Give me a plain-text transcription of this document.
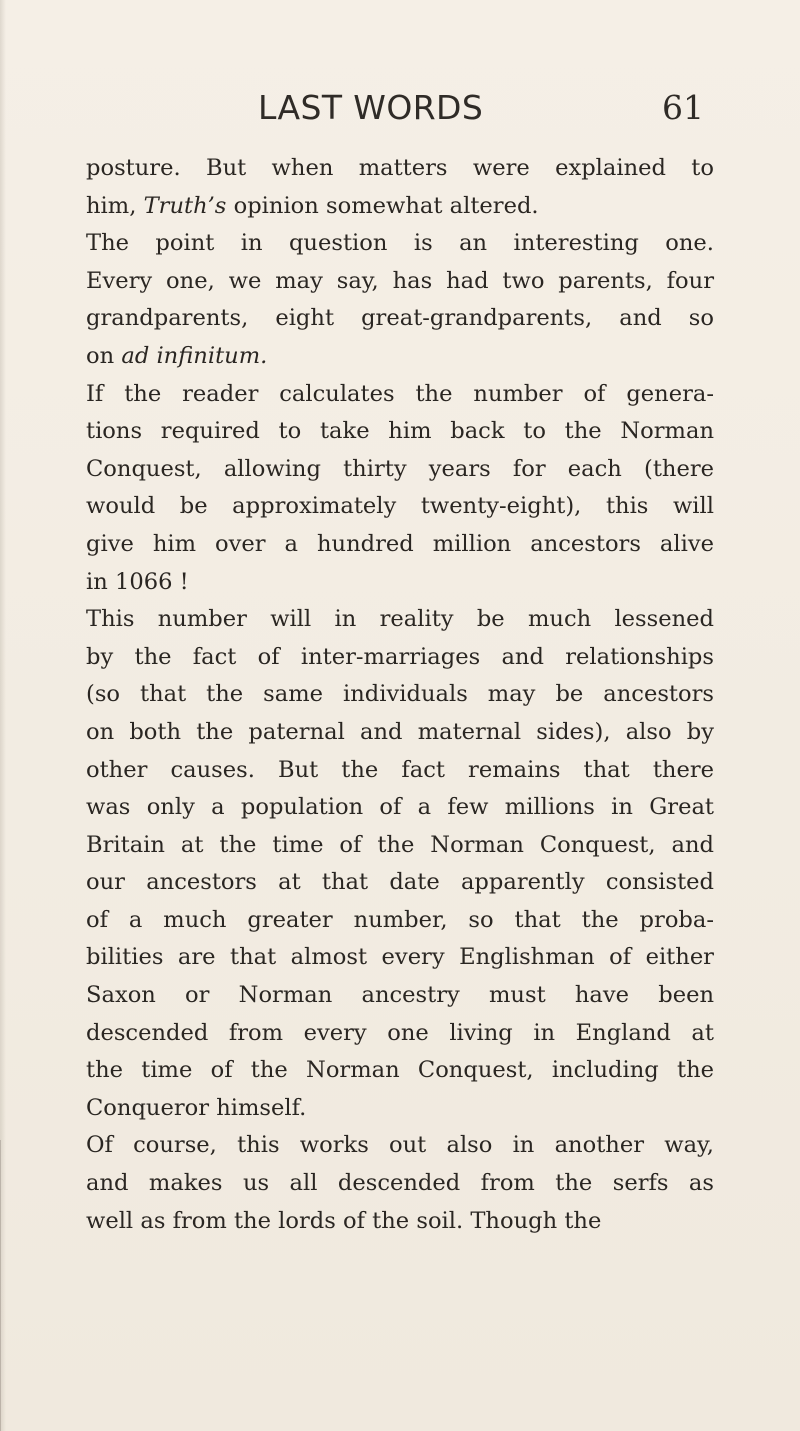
LAST WORDS	61
posture. But when matters were explained to
him, Truth’s opinion somewhat altered.
The point in question is an interesting one.
Every one, we may say, has had two parents, four
grandparents, eight great-grandparents, and so
on ad infinitum.
If the reader calculates the number of genera-
tions required to take him back to the Norman
Conquest, allowing thirty years for each (there
would be approximately twenty-eight), this will
give him over a hundred million ancestors alive
in 1066 !
This number will in reality be much lessened
by the fact of inter-marriages and relationships
(so that the same individuals may be ancestors
on both the paternal and maternal sides), also by
other causes. But the fact remains that there
was only a population of a few millions in Great
Britain at the time of the Norman Conquest, and
our ancestors at that date apparently consisted
of a much greater number, so that the proba-
bilities are that almost every Englishman of either
Saxon or Norman ancestry must have been
descended from every one living in England at
the time of the Norman Conquest, including the
Conqueror himself.
Of course, this works out also in another way,
and makes us all descended from the serfs as
well as from the lords of the soil. Though the
